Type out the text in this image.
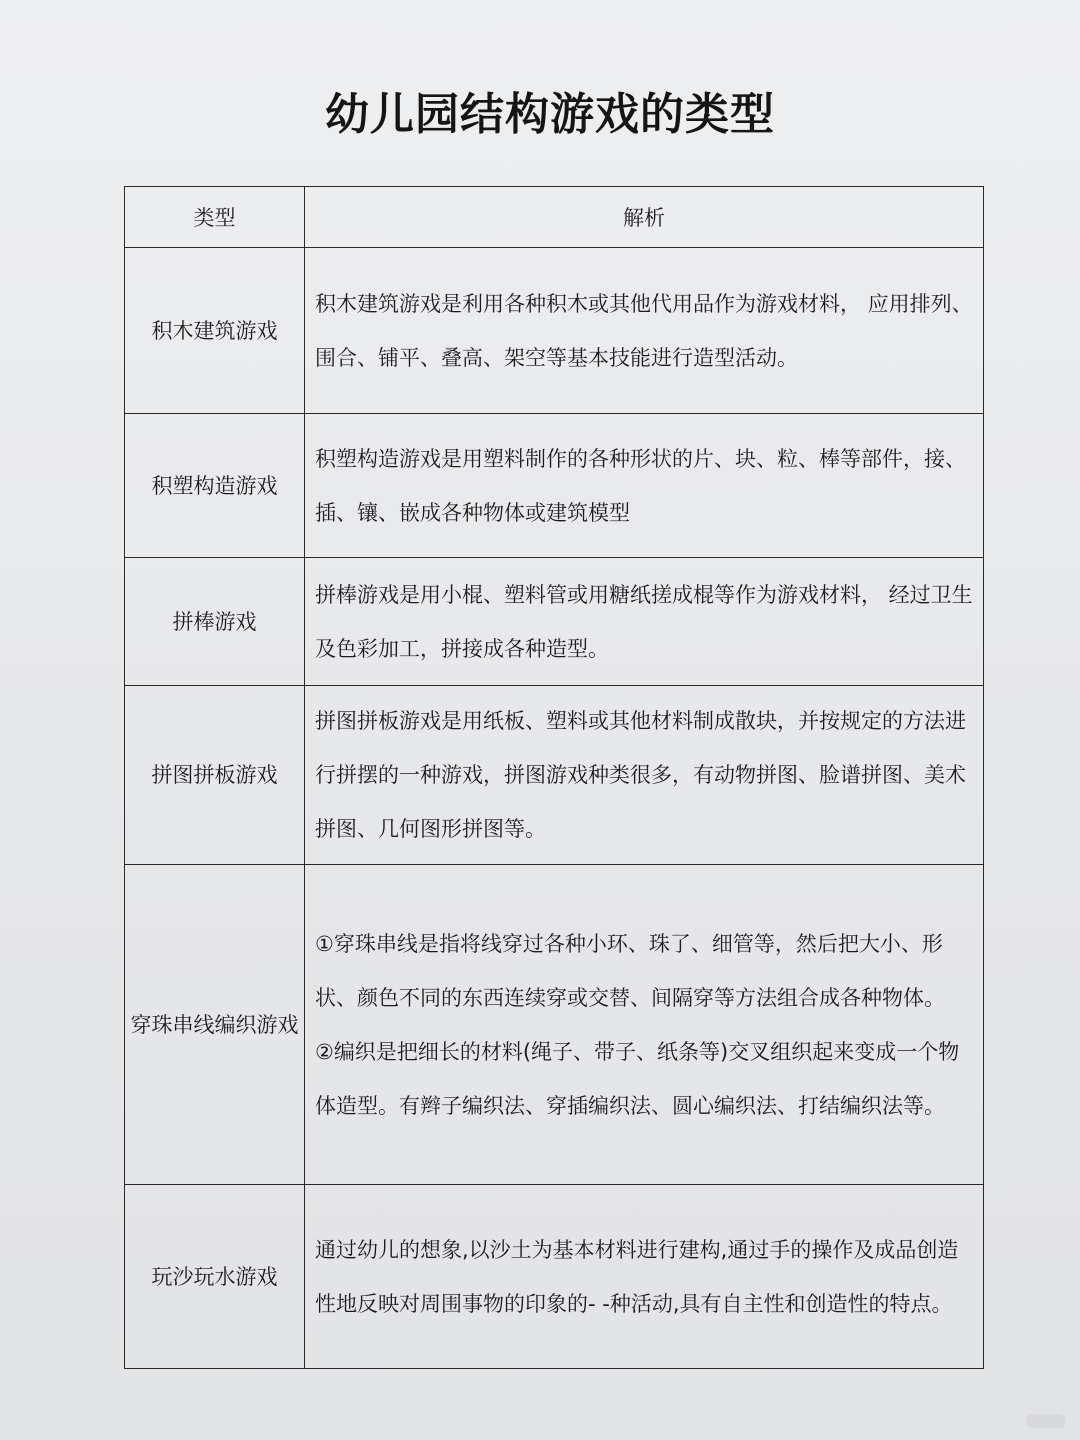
幼儿园结构游戏的类型
类型	解析
积木建筑游戏	积木建筑游戏是利用各种积木或其他代用品作为游戏材料， 应用排列、围合、铺平、叠高、架空等基本技能进行造型活动。
积塑构造游戏	积塑构造游戏是用塑料制作的各种形状的片、块、粒、棒等部件，接、插、镶、嵌成各种物体或建筑模型
拼棒游戏	拼棒游戏是用小棍、塑料管或用糖纸搓成棍等作为游戏材料， 经过卫生及色彩加工，拼接成各种造型。
拼图拼板游戏	拼图拼板游戏是用纸板、塑料或其他材料制成散块，并按规定的方法进行拼摆的一种游戏，拼图游戏种类很多，有动物拼图、脸谱拼图、美术拼图、几何图形拼图等。
穿珠串线编织游戏	①穿珠串线是指将线穿过各种小环、珠了、细管等，然后把大小、形状、颜色不同的东西连续穿或交替、间隔穿等方法组合成各种物体。
②编织是把细长的材料(绳子、带子、纸条等)交叉组织起来变成一个物体造型。有辫子编织法、穿插编织法、圆心编织法、打结编织法等。

玩沙玩水游戏	通过幼儿的想象,以沙土为基本材料进行建构,通过手的操作及成品创造性地反映对周围事物的印象的- -种活动,具有自主性和创造性的特点。
